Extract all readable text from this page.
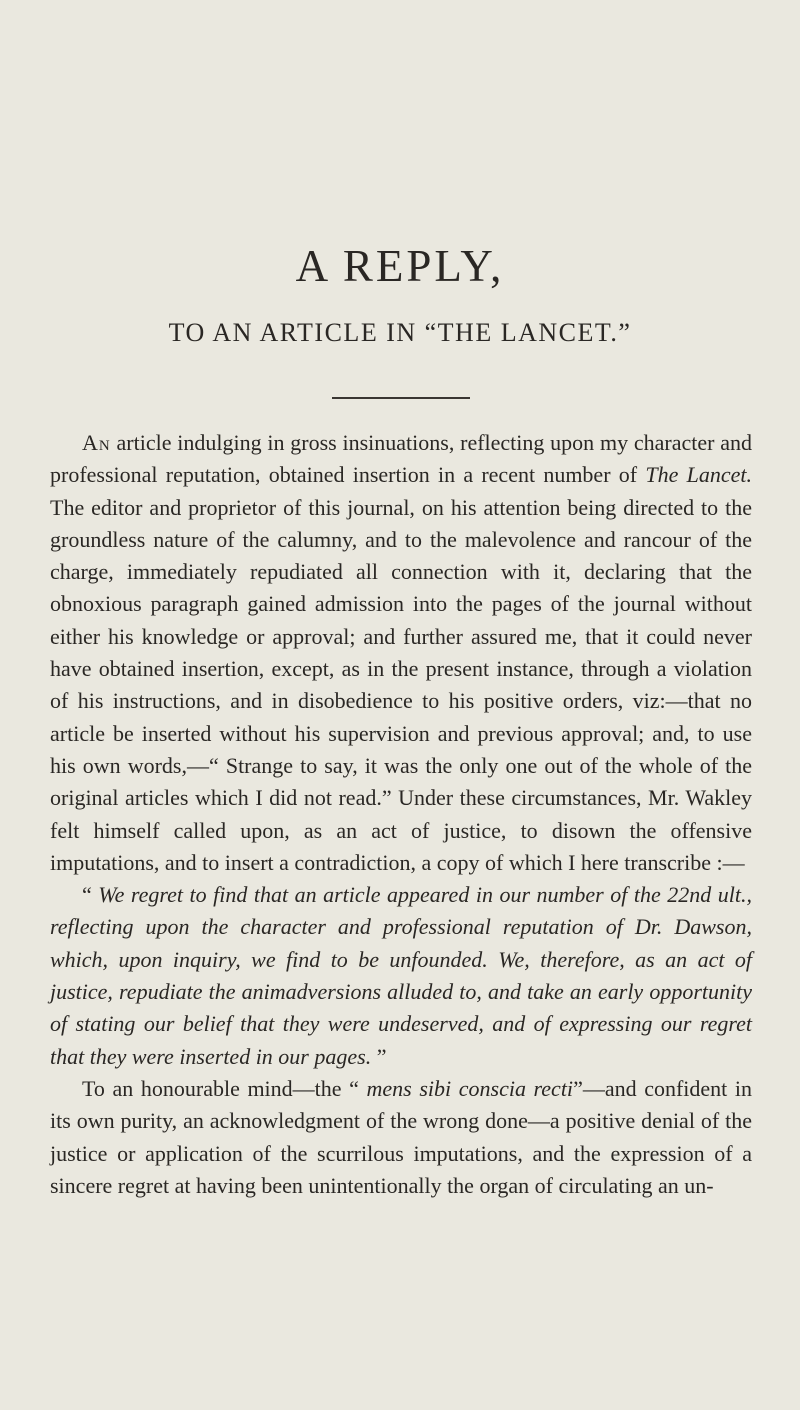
A REPLY,
TO AN ARTICLE IN “THE LANCET.”

An article indulging in gross insinuations, reflecting upon my character and professional reputation, obtained insertion in a recent number of The Lancet. The editor and proprietor of this journal, on his attention being directed to the groundless nature of the calumny, and to the malevolence and rancour of the charge, immediately repudiated all connection with it, declaring that the obnoxious paragraph gained admission into the pages of the journal without either his knowledge or approval; and further assured me, that it could never have obtained insertion, except, as in the present instance, through a violation of his instructions, and in disobedience to his positive orders, viz:—that no article be inserted without his supervision and previous approval; and, to use his own words,—“ Strange to say, it was the only one out of the whole of the original articles which I did not read.” Under these circumstances, Mr. Wakley felt himself called upon, as an act of justice, to disown the offensive imputations, and to insert a contradiction, a copy of which I here transcribe :—

“ We regret to find that an article appeared in our number of the 22nd ult., reflecting upon the character and professional reputation of Dr. Dawson, which, upon inquiry, we find to be unfounded. We, therefore, as an act of justice, repudiate the animadversions alluded to, and take an early opportunity of stating our belief that they were undeserved, and of expressing our regret that they were inserted in our pages. ”

To an honourable mind—the “ mens sibi conscia recti”—and confident in its own purity, an acknowledgment of the wrong done—a positive denial of the justice or application of the scurrilous imputations, and the expression of a sincere regret at having been unintentionally the organ of circulating an un-
